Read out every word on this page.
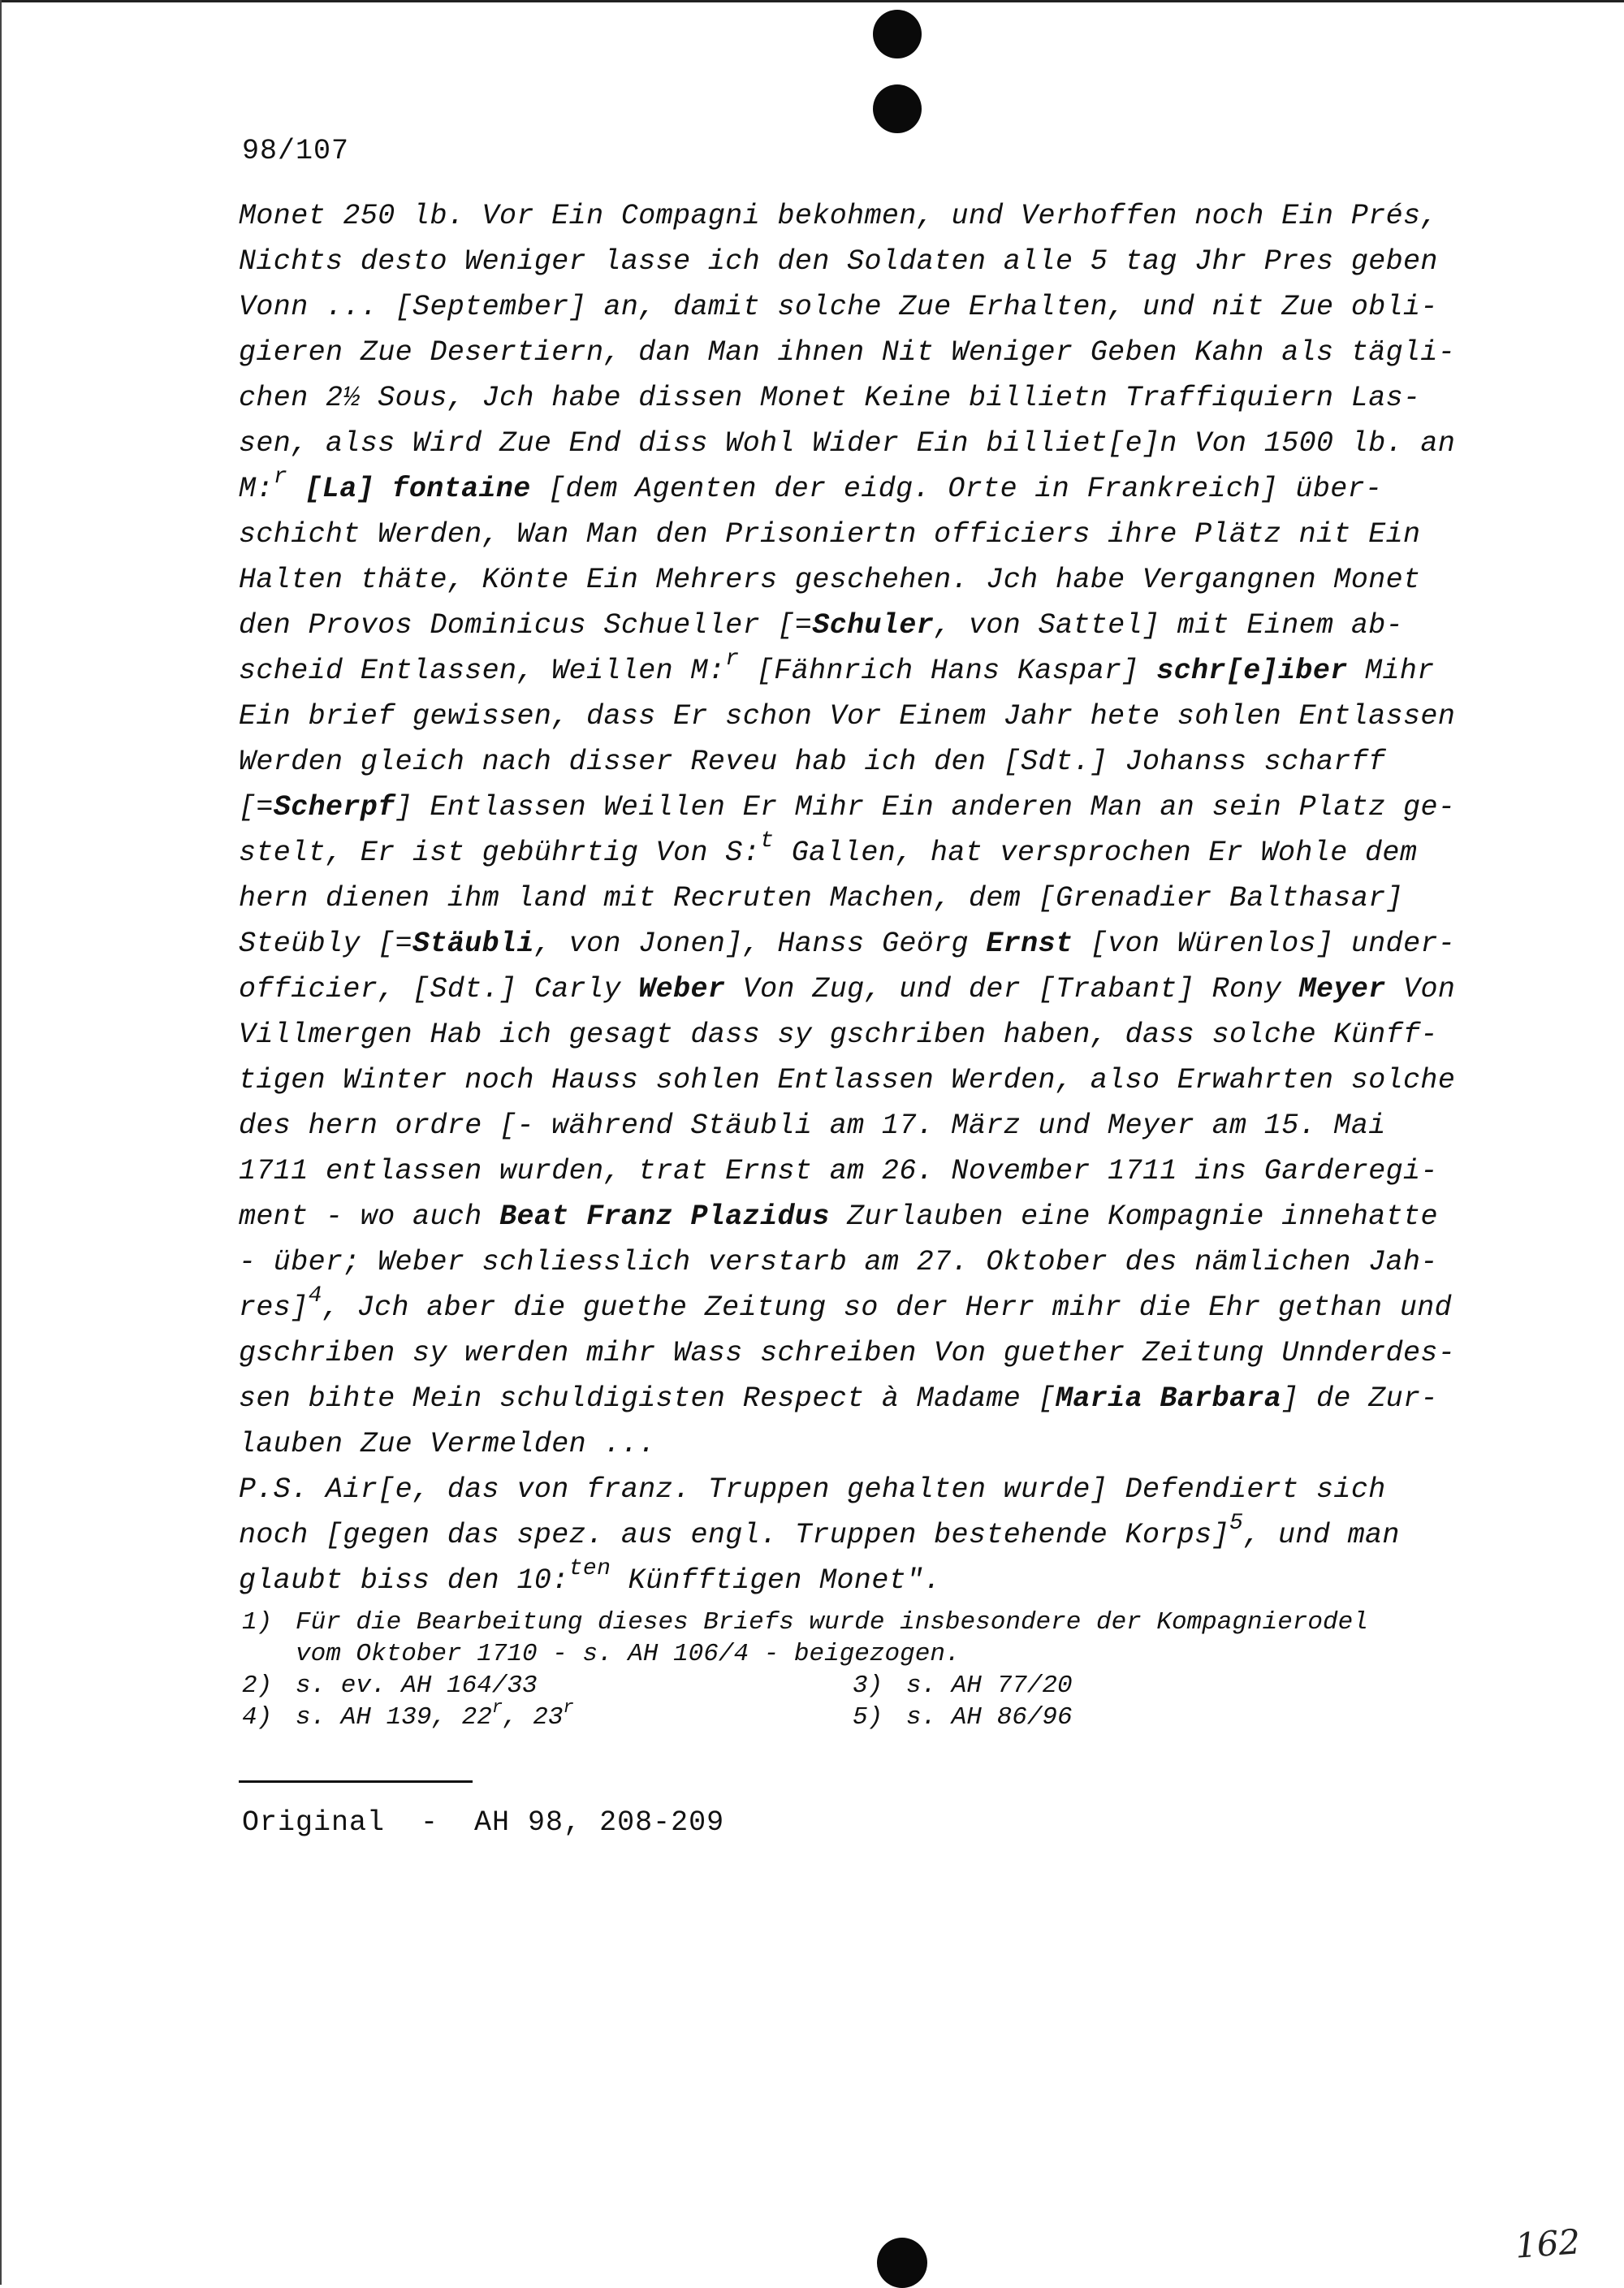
98/107
Monet 250 lb. Vor Ein Compagni bekohmen, und Verhoffen noch Ein Prés,
Nichts desto Weniger lasse ich den Soldaten alle 5 tag Jhr Pres geben
Vonn ... [September] an, damit solche Zue Erhalten, und nit Zue obli-
gieren Zue Desertiern, dan Man ihnen Nit Weniger Geben Kahn als tägli-
chen 2½ Sous, Jch habe dissen Monet Keine billietn Traffiquiern Las-
sen, alss Wird Zue End diss Wohl Wider Ein billiet[e]n Von 1500 lb. an
M:$^r$ [La] fontaine [dem Agenten der eidg. Orte in Frankreich] über-
schicht Werden, Wan Man den Prisoniertn officiers ihre Plätz nit Ein
Halten thäte, Könte Ein Mehrers geschehen. Jch habe Vergangnen Monet
den Provos Dominicus Schueller [=Schuler, von Sattel] mit Einem ab-
scheid Entlassen, Weillen M:$^r$ [Fähnrich Hans Kaspar] schr[e]iber Mihr
Ein brief gewissen, dass Er schon Vor Einem Jahr hete sohlen Entlassen
Werden gleich nach disser Reveu hab ich den [Sdt.] Johanss scharff
[=Scherpf] Entlassen Weillen Er Mihr Ein anderen Man an sein Platz ge-
stelt, Er ist gebührtig Von S:$^t$ Gallen, hat versprochen Er Wohle dem
hern dienen ihm land mit Recruten Machen, dem [Grenadier Balthasar]
Steübly [=Stäubli, von Jonen], Hanss Geörg Ernst [von Würenlos] under-
officier, [Sdt.] Carly Weber Von Zug, und der [Trabant] Rony Meyer Von
Villmergen Hab ich gesagt dass sy gschriben haben, dass solche Künff-
tigen Winter noch Hauss sohlen Entlassen Werden, also Erwahrten solche
des hern ordre [- während Stäubli am 17. März und Meyer am 15. Mai
1711 entlassen wurden, trat Ernst am 26. November 1711 ins Garderegi-
ment - wo auch Beat Franz Plazidus Zurlauben eine Kompagnie innehatte
- über; Weber schliesslich verstarb am 27. Oktober des nämlichen Jah-
res]$^4$, Jch aber die guethe Zeitung so der Herr mihr die Ehr gethan und
gschriben sy werden mihr Wass schreiben Von guether Zeitung Unnderdes-
sen bihte Mein schuldigisten Respect à Madame [Maria Barbara] de Zur-
lauben Zue Vermelden ...
P.S. Air[e, das von franz. Truppen gehalten wurde] Defendiert sich
noch [gegen das spez. aus engl. Truppen bestehende Korps]$^5$, und man
glaubt biss den 10:$^{ten}$ Künfftigen Monet".
1) Für die Bearbeitung dieses Briefs wurde insbesondere der Kompagnierodel
vom Oktober 1710 - s. AH 106/4 - beigezogen.
2) s. ev. AH 164/33	3) s. AH 77/20
4) s. AH 139, 22$^r$, 23$^r$	5) s. AH 86/96
Original  -  AH 98, 208-209
162
